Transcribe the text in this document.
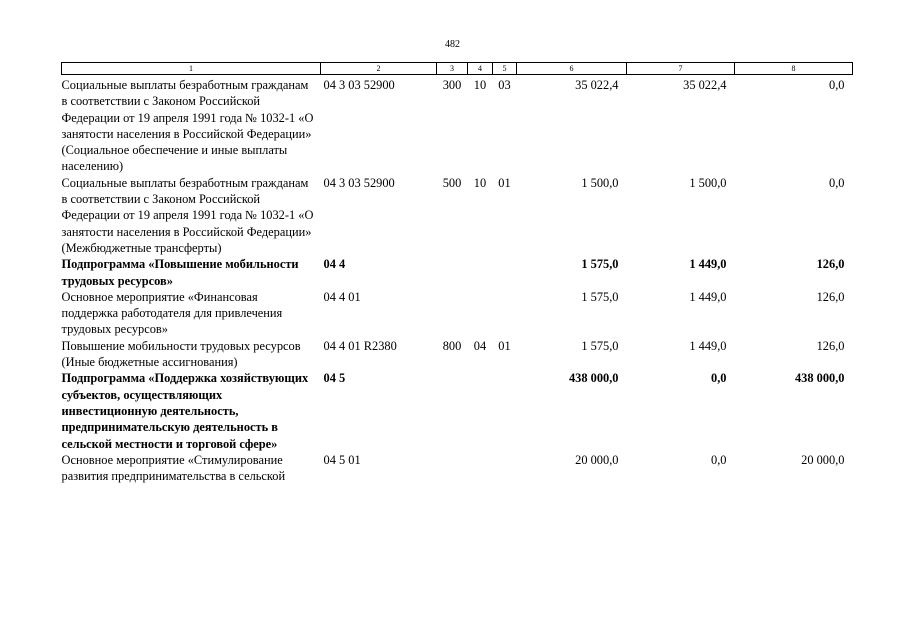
482
1	2	3	4	5	6	7	8
Социальные выплаты безработным гражданам в соответствии с Законом Российской Федерации от 19 апреля 1991 года № 1032-1 «О занятости населения в Российской Федерации» (Социальное обеспечение и иные выплаты населению)	04 3 03 52900	300	10	03	35 022,4	35 022,4	0,0
Социальные выплаты безработным гражданам в соответствии с Законом Российской Федерации от 19 апреля 1991 года № 1032-1 «О занятости населения в Российской Федерации» (Межбюджетные трансферты)	04 3 03 52900	500	10	01	1 500,0	1 500,0	0,0
Подпрограмма «Повышение мобильности трудовых ресурсов»	04 4				1 575,0	1 449,0	126,0
Основное мероприятие «Финансовая поддержка работодателя для привлечения трудовых ресурсов»	04 4 01				1 575,0	1 449,0	126,0
Повышение мобильности трудовых ресурсов (Иные бюджетные ассигнования)	04 4 01 R2380	800	04	01	1 575,0	1 449,0	126,0
Подпрограмма «Поддержка хозяйствующих субъектов, осуществляющих инвестиционную деятельность, предпринимательскую деятельность в сельской местности и торговой сфере»	04 5				438 000,0	0,0	438 000,0
Основное мероприятие «Стимулирование развития предпринимательства в сельской	04 5 01				20 000,0	0,0	20 000,0
